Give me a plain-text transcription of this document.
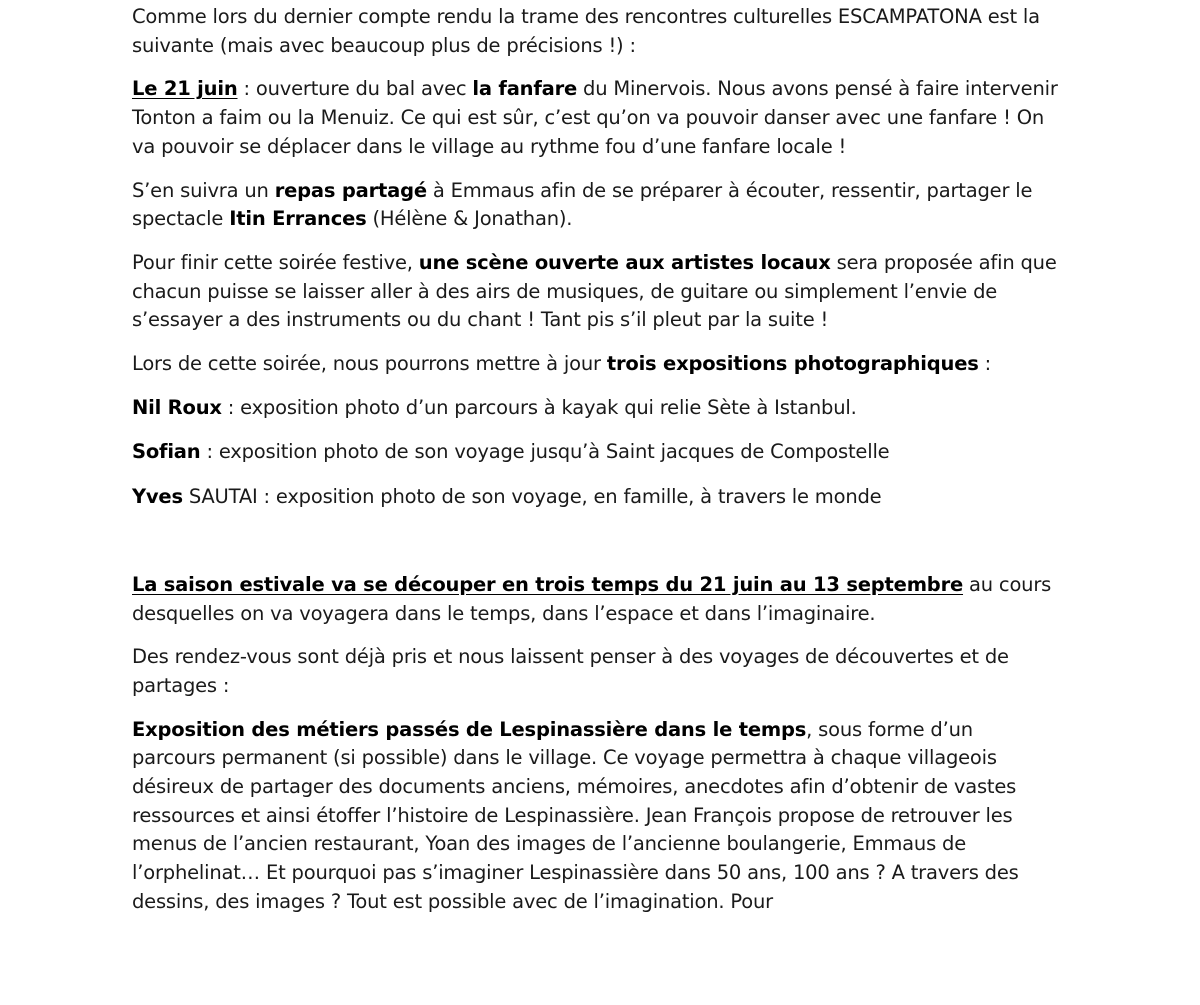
Comme lors du dernier compte rendu la trame des rencontres culturelles ESCAMPATONA est la suivante (mais avec beaucoup plus de précisions !) :

Le 21 juin : ouverture du bal avec la fanfare du Minervois. Nous avons pensé à faire intervenir Tonton a faim ou la Menuiz. Ce qui est sûr, c’est qu’on va pouvoir danser avec une fanfare ! On va pouvoir se déplacer dans le village au rythme fou d’une fanfare locale !

S’en suivra un repas partagé à Emmaus afin de se préparer à écouter, ressentir, partager le spectacle Itin Errances (Hélène & Jonathan).

Pour finir cette soirée festive, une scène ouverte aux artistes locaux sera proposée afin que chacun puisse se laisser aller à des airs de musiques, de guitare ou simplement l’envie de s’essayer a des instruments ou du chant ! Tant pis s’il pleut par la suite !

Lors de cette soirée, nous pourrons mettre à jour trois expositions photographiques :

Nil Roux : exposition photo d’un parcours à kayak qui relie Sète à Istanbul.

Sofian : exposition photo de son voyage jusqu’à Saint jacques de Compostelle

Yves SAUTAI : exposition photo de son voyage, en famille, à travers le monde

La saison estivale va se découper en trois temps du 21 juin au 13 septembre au cours desquelles on va voyagera dans le temps, dans l’espace et dans l’imaginaire.

Des rendez-vous sont déjà pris et nous laissent penser à des voyages de découvertes et de partages :

Exposition des métiers passés de Lespinassière dans le temps, sous forme d’un parcours permanent (si possible) dans le village. Ce voyage permettra à chaque villageois désireux de partager des documents anciens, mémoires, anecdotes afin d’obtenir de vastes ressources et ainsi étoffer l’histoire de Lespinassière. Jean François propose de retrouver les menus de l’ancien restaurant, Yoan des images de l’ancienne boulangerie, Emmaus de l’orphelinat… Et pourquoi pas s’imaginer Lespinassière dans 50 ans, 100 ans ? A travers des dessins, des images ? Tout est possible avec de l’imagination. Pour
